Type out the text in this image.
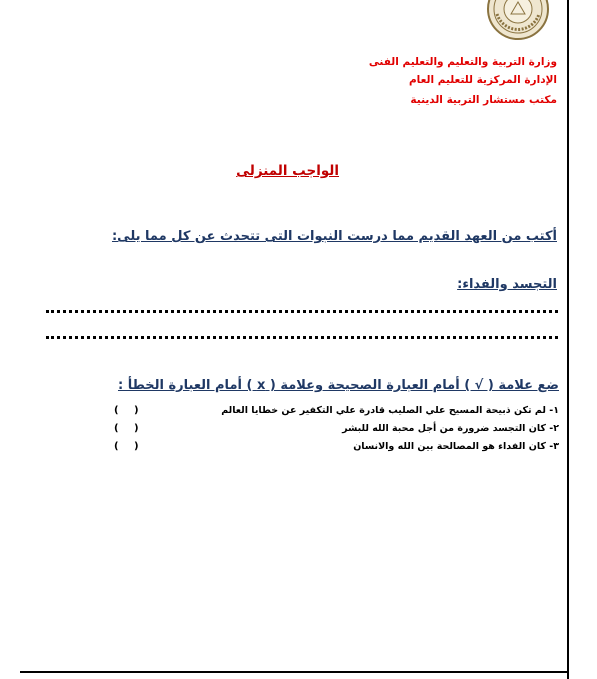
وزارة التربية والتعليم والتعليم الفنى
الإدارة المركزية للتعليم العام
مكتب مستشار التربية الدينية
الواجب المنزلى
أكتب من العهد القديم مما درست النبوات التى تتحدث عن كل مما يلى:
التجسد والفداء:
ضع علامة ( √ ) أمام العبارة الصحيحة وعلامة ( x ) أمام العبارة الخطأ :
١- لم تكن ذبيحة المسيح علي الصليب قادرة علي التكفير عن خطايا العالم
( )
٢- كان التجسد ضرورة من أجل محبة الله للبشر
( )
٣- كان الفداء هو المصالحة بين الله والانسان
( )
